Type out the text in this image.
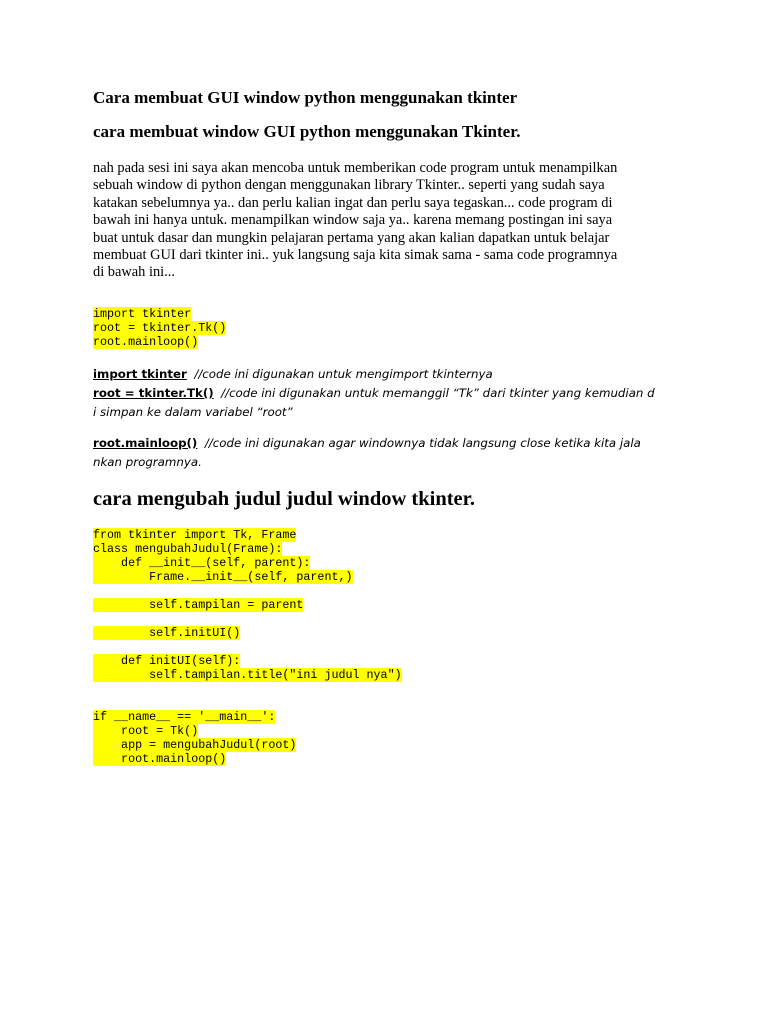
Cara membuat GUI window python menggunakan tkinter
cara membuat window GUI python menggunakan Tkinter.
nah pada sesi ini saya akan mencoba untuk memberikan code program untuk menampilkan
sebuah window di python dengan menggunakan library Tkinter.. seperti yang sudah saya
katakan sebelumnya ya.. dan perlu kalian ingat dan perlu saya tegaskan... code program di
bawah ini hanya untuk. menampilkan window saja ya.. karena memang postingan ini saya
buat untuk dasar dan mungkin pelajaran pertama yang akan kalian dapatkan untuk belajar
membuat GUI dari tkinter ini.. yuk langsung saja kita simak sama - sama code programnya
di bawah ini...
import tkinter
root = tkinter.Tk()
root.mainloop()
import tkinter //code ini digunakan untuk mengimport tkinternya
root = tkinter.Tk() //code ini digunakan untuk memanggil “Tk” dari tkinter yang kemudian d
i simpan ke dalam variabel “root”
root.mainloop() //code ini digunakan agar windownya tidak langsung close ketika kita jala
nkan programnya.
cara mengubah judul judul window tkinter.
from tkinter import Tk, Frame
class mengubahJudul(Frame):
def __init__(self, parent):
Frame.__init__(self, parent,)
self.tampilan = parent
self.initUI()
def initUI(self):
self.tampilan.title("ini judul nya")
if __name__ == '__main__':
root = Tk()
app = mengubahJudul(root)
root.mainloop()
